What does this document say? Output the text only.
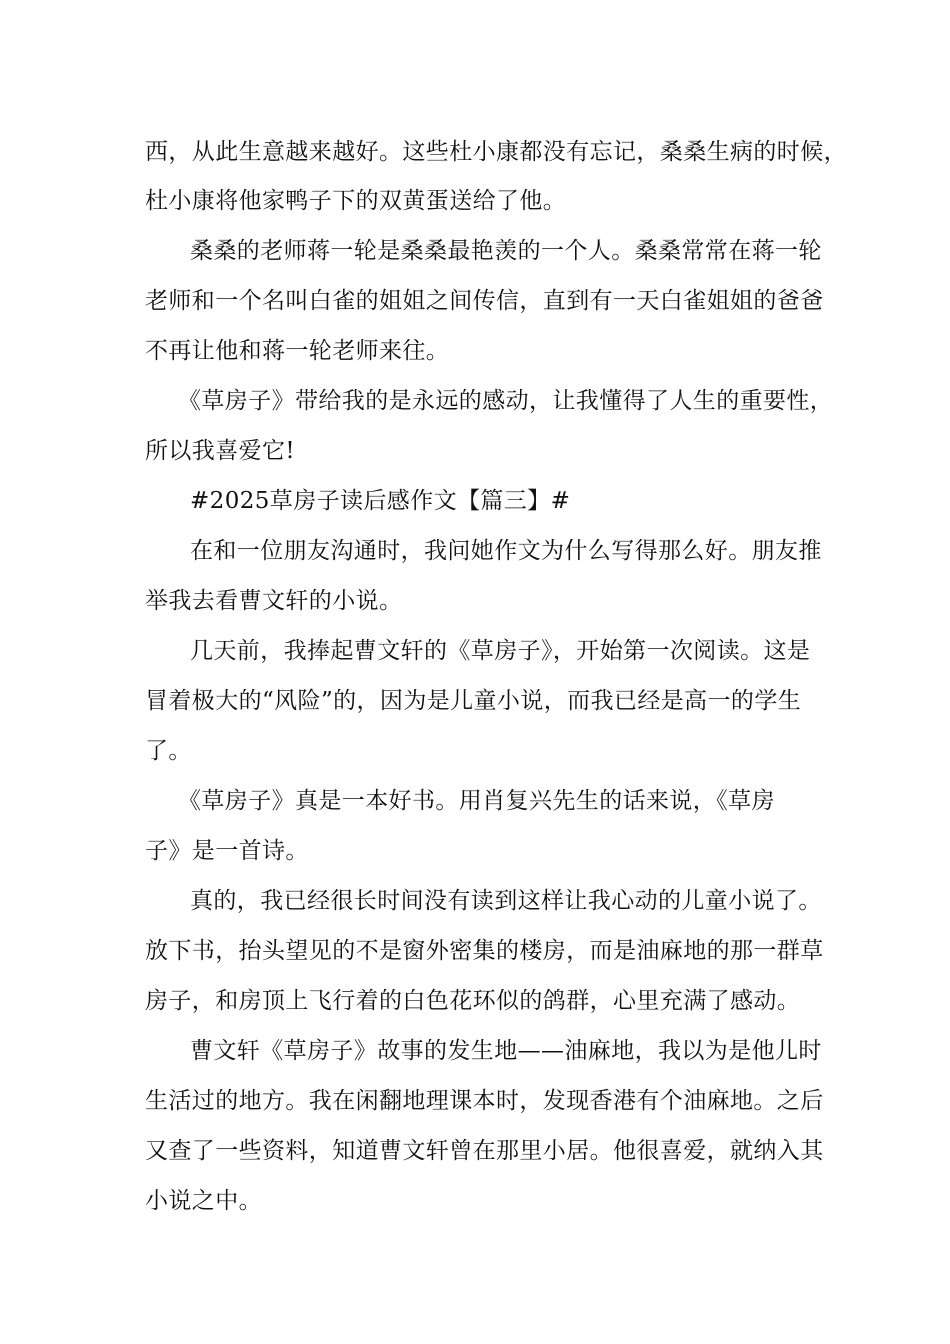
西，从此生意越来越好。这些杜小康都没有忘记，桑桑生病的时候，
杜小康将他家鸭子下的双黄蛋送给了他。
桑桑的老师蒋一轮是桑桑最艳羡的一个人。桑桑常常在蒋一轮
老师和一个名叫白雀的姐姐之间传信，直到有一天白雀姐姐的爸爸
不再让他和蒋一轮老师来往。
《草房子》带给我的是永远的感动，让我懂得了人生的重要性，
所以我喜爱它!
#2025草房子读后感作文【篇三】#
在和一位朋友沟通时，我问她作文为什么写得那么好。朋友推
举我去看曹文轩的小说。
几天前，我捧起曹文轩的《草房子》，开始第一次阅读。这是
冒着极大的“风险”的，因为是儿童小说，而我已经是高一的学生
了。
《草房子》真是一本好书。用肖复兴先生的话来说，《草房
子》是一首诗。
真的，我已经很长时间没有读到这样让我心动的儿童小说了。
放下书，抬头望见的不是窗外密集的楼房，而是油麻地的那一群草
房子，和房顶上飞行着的白色花环似的鸽群，心里充满了感动。
曹文轩《草房子》故事的发生地——油麻地，我以为是他儿时
生活过的地方。我在闲翻地理课本时，发现香港有个油麻地。之后
又查了一些资料，知道曹文轩曾在那里小居。他很喜爱，就纳入其
小说之中。
